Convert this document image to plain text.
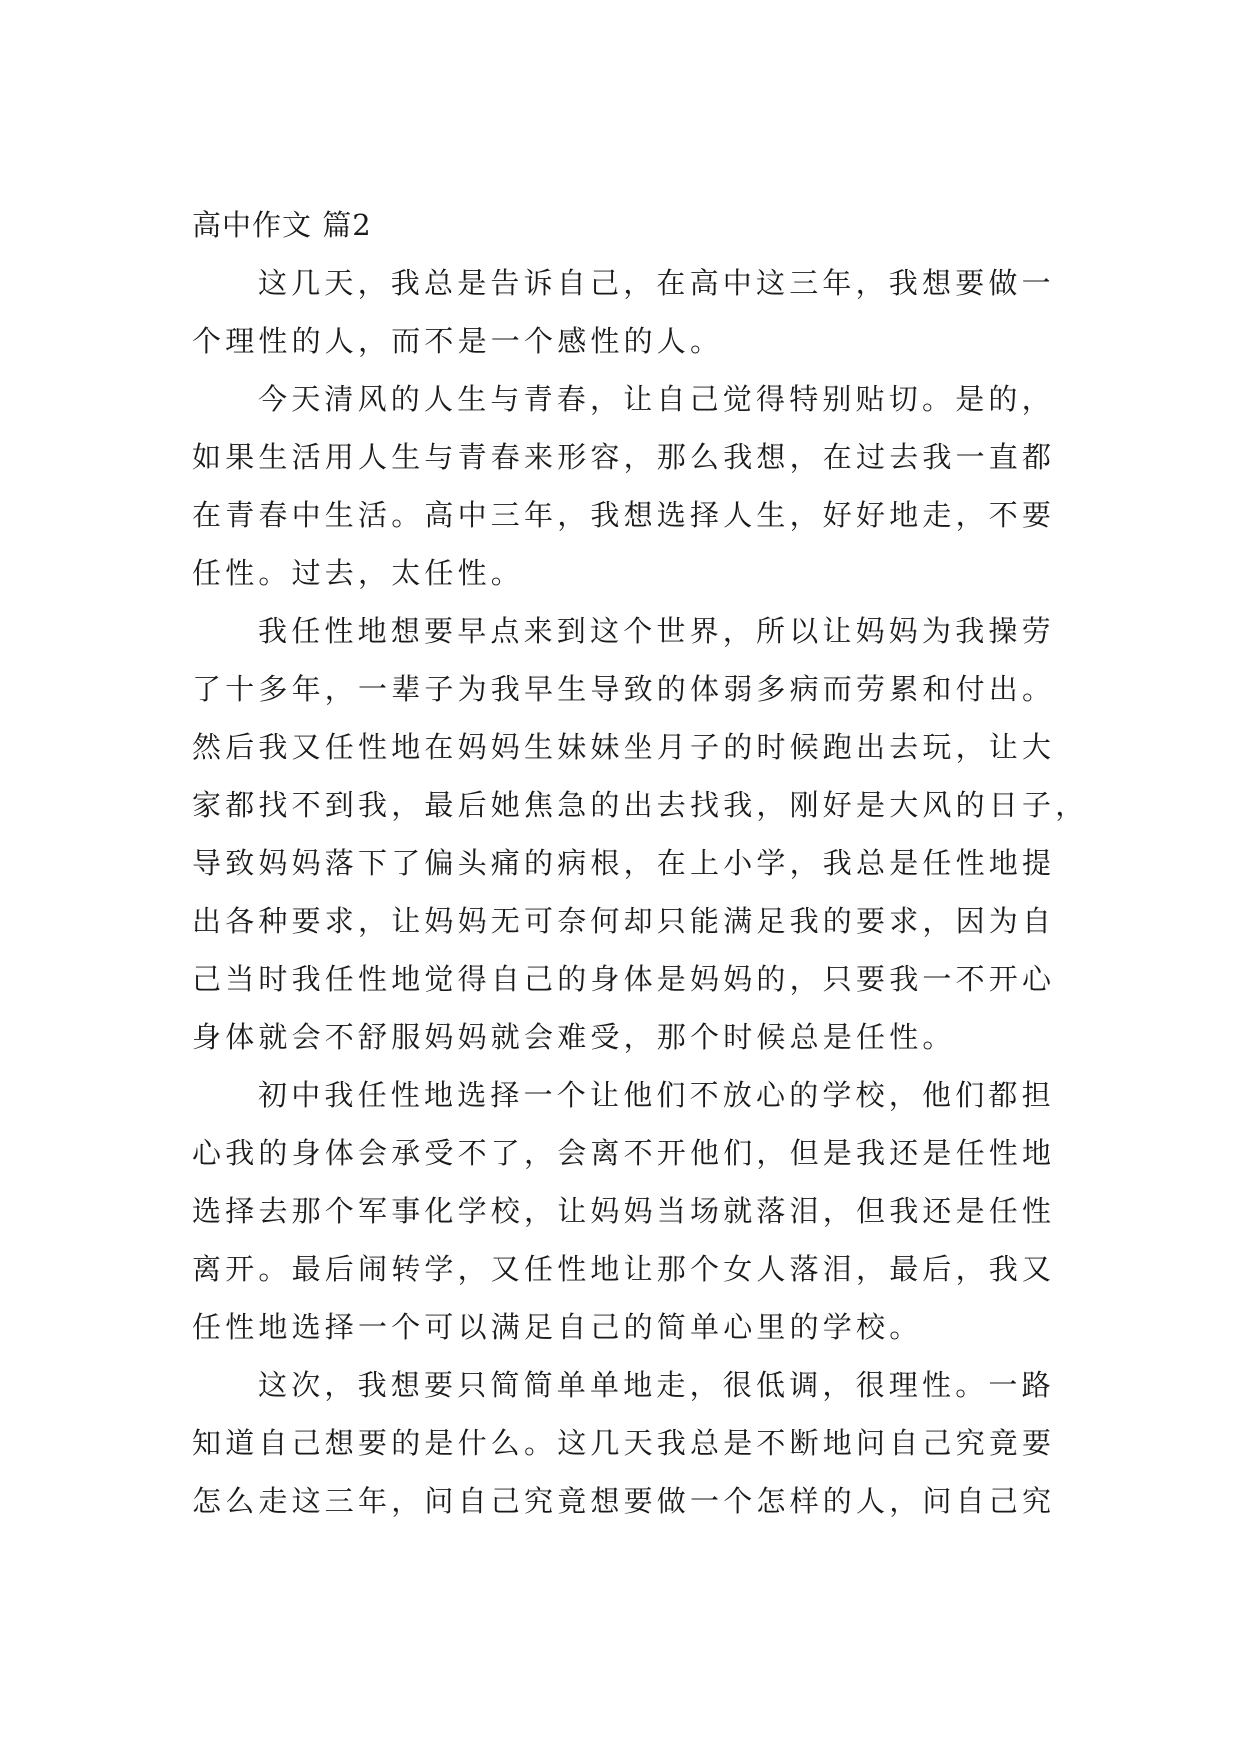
高中作文 篇2
这几天，我总是告诉自己，在高中这三年，我想要做一
个理性的人，而不是一个感性的人。
今天清风的人生与青春，让自己觉得特别贴切。是的，
如果生活用人生与青春来形容，那么我想，在过去我一直都
在青春中生活。高中三年，我想选择人生，好好地走，不要
任性。过去，太任性。
我任性地想要早点来到这个世界，所以让妈妈为我操劳
了十多年，一辈子为我早生导致的体弱多病而劳累和付出。
然后我又任性地在妈妈生妹妹坐月子的时候跑出去玩，让大
家都找不到我，最后她焦急的出去找我，刚好是大风的日子，
导致妈妈落下了偏头痛的病根，在上小学，我总是任性地提
出各种要求，让妈妈无可奈何却只能满足我的要求，因为自
己当时我任性地觉得自己的身体是妈妈的，只要我一不开心
身体就会不舒服妈妈就会难受，那个时候总是任性。
初中我任性地选择一个让他们不放心的学校，他们都担
心我的身体会承受不了，会离不开他们，但是我还是任性地
选择去那个军事化学校，让妈妈当场就落泪，但我还是任性
离开。最后闹转学，又任性地让那个女人落泪，最后，我又
任性地选择一个可以满足自己的简单心里的学校。
这次，我想要只简简单单地走，很低调，很理性。一路
知道自己想要的是什么。这几天我总是不断地问自己究竟要
怎么走这三年，问自己究竟想要做一个怎样的人，问自己究
